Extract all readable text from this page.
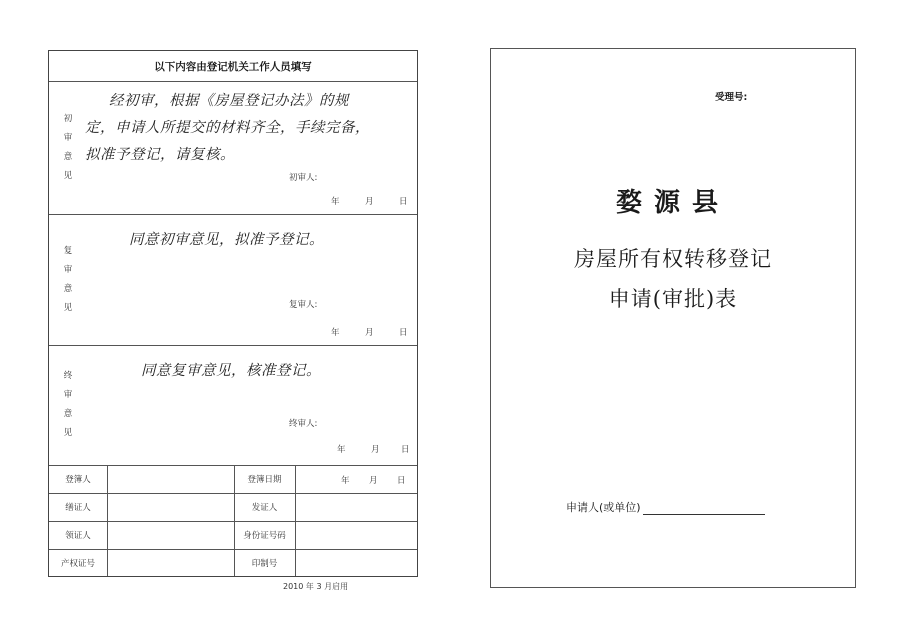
以下内容由登记机关工作人员填写
初审意见
经初审，根据《房屋登记办法》的规
定，申请人所提交的材料齐全，手续完备，
拟准予登记，请复核。
初审人:
年	月	日
复审意见
同意初审意见，拟准予登记。
复审人:
年	月	日
终审意见
同意复审意见，核准登记。
终审人:
年	月	日
登簿人	登簿日期	年	月	日
缮证人	发证人
领证人	身份证号码
产权证号	印制号
2010 年 3 月启用
受理号:
婺源县
房屋所有权转移登记
申请(审批)表
申请人(或单位)
